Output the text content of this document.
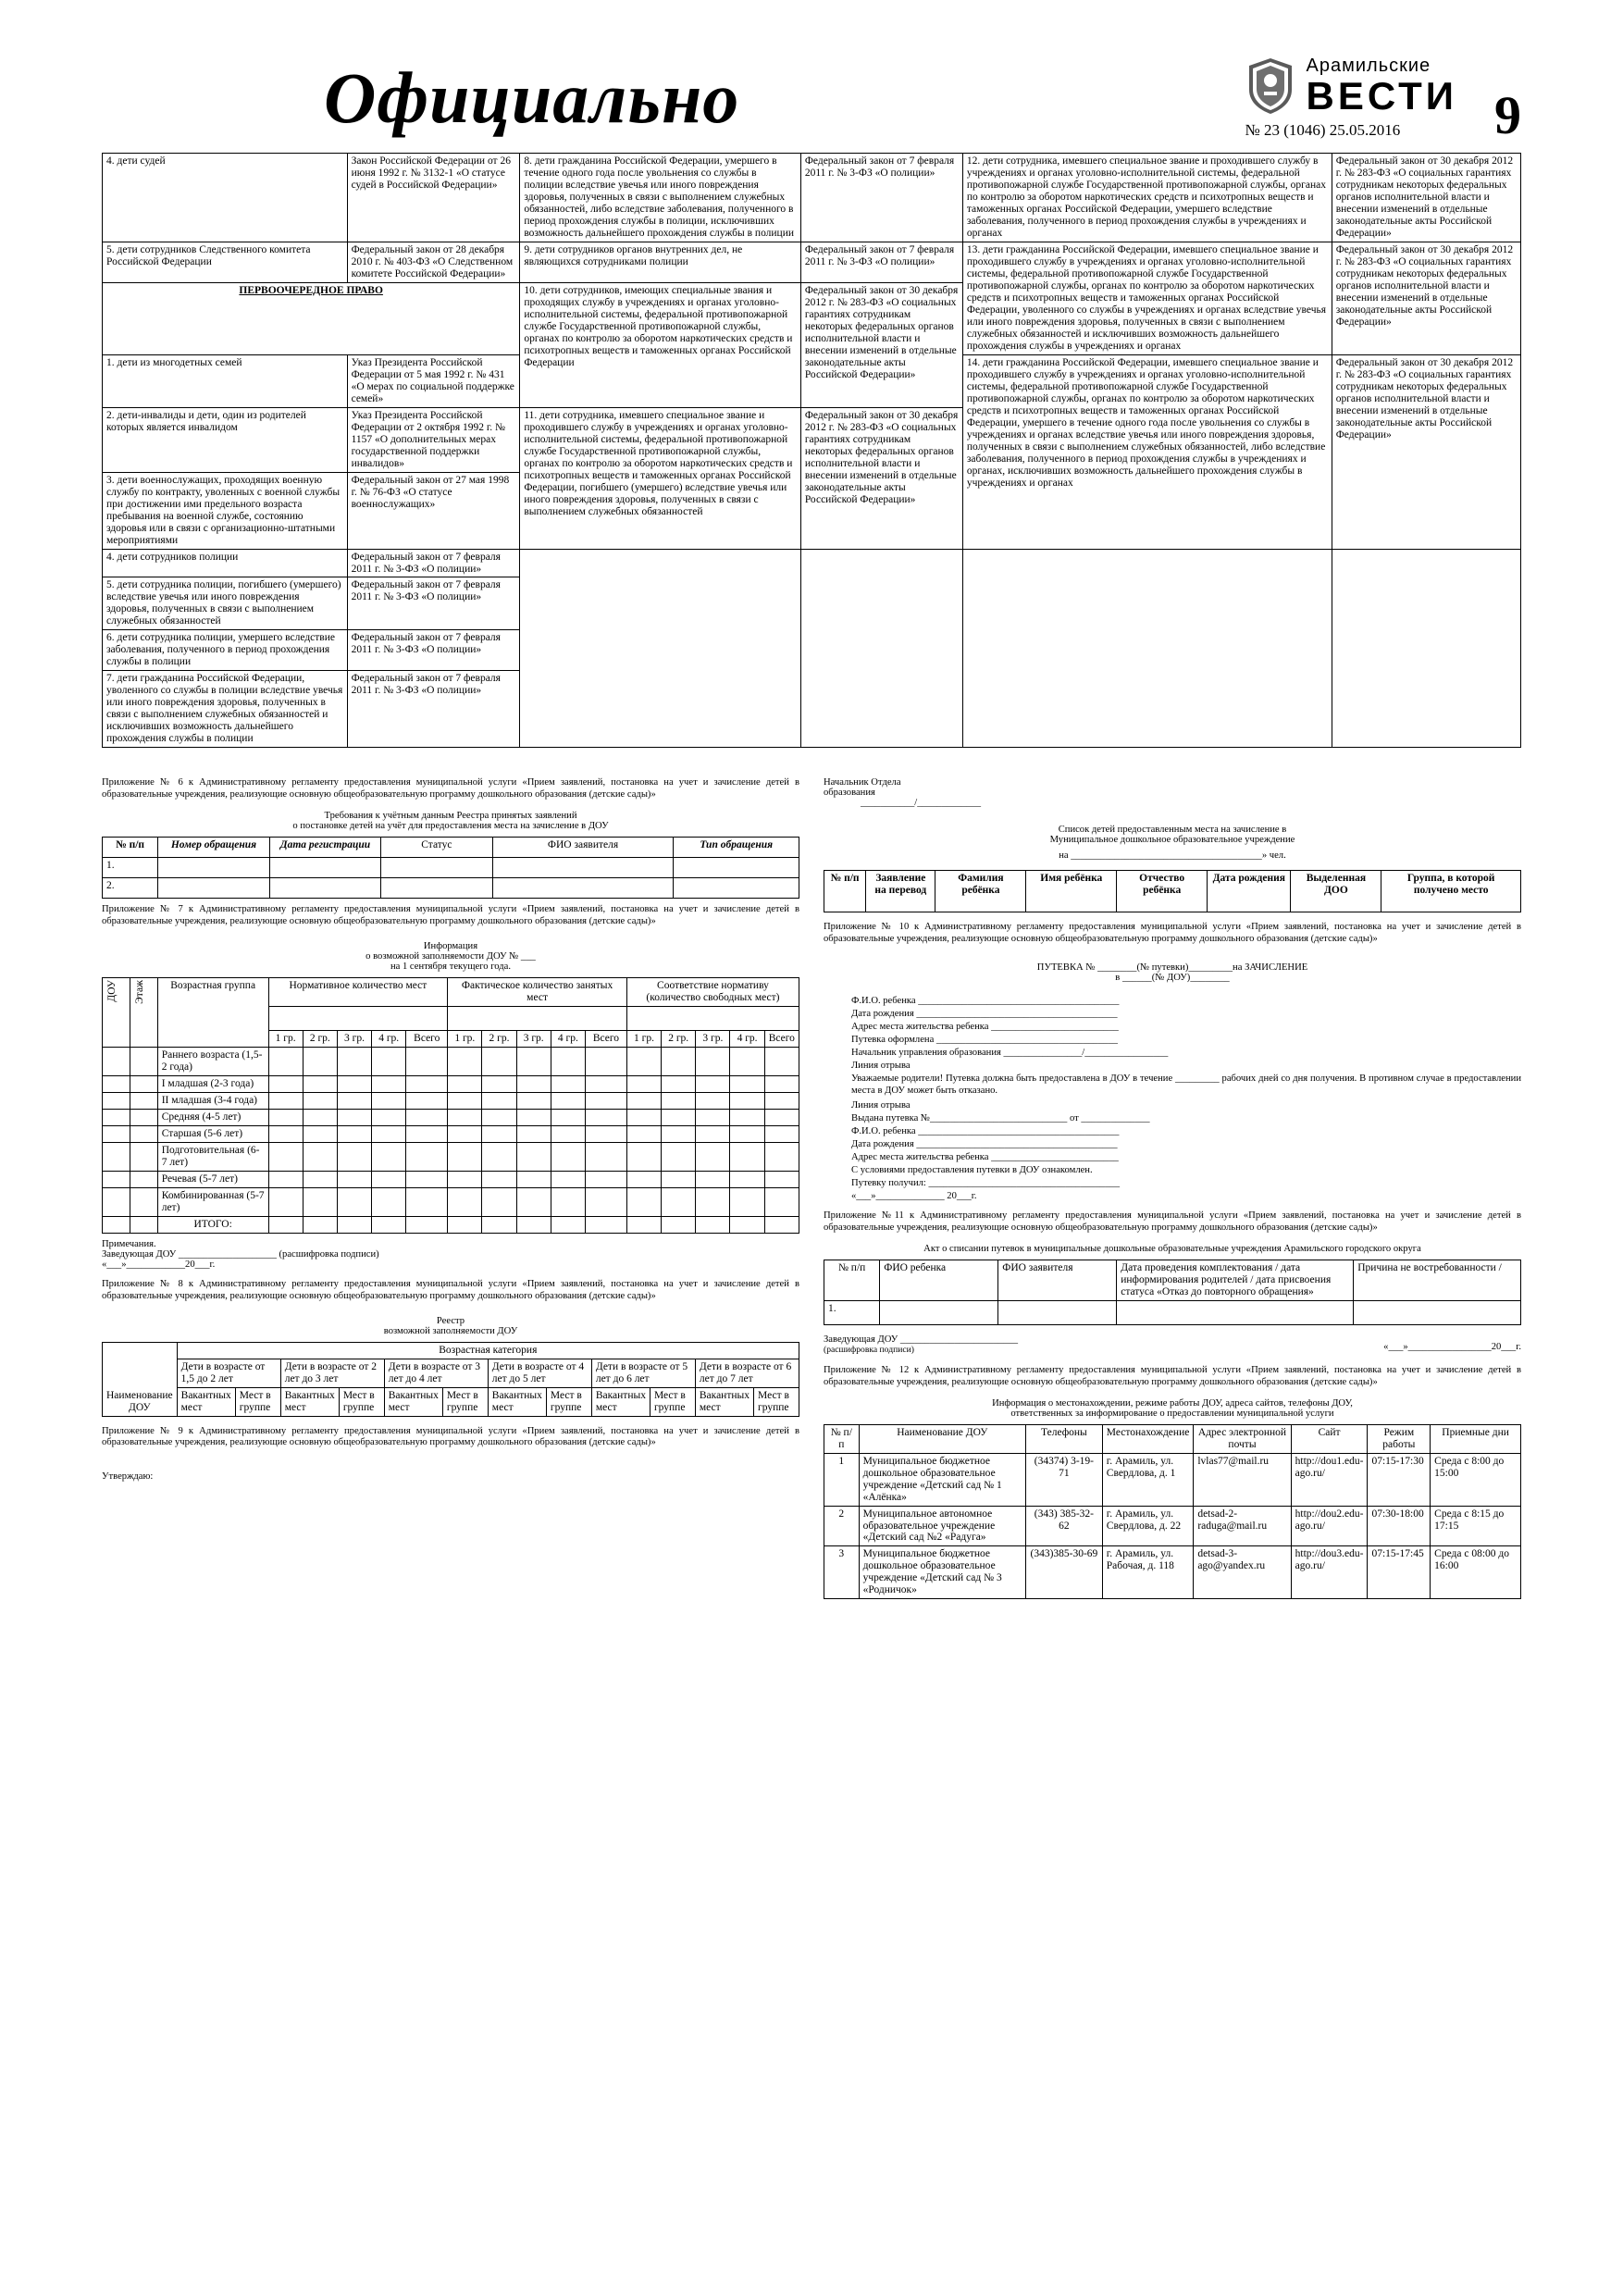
Официально	Арамильские
ВЕСТИ
№ 23 (1046) 25.05.2016 9
4. дети судей	Закон Российской Федерации от 26 июня 1992 г. № 3132-1 «О статусе судей в Российской Федерации»	8. дети гражданина Российской Федерации, умершего в течение одного года после увольнения со службы в полиции вследствие увечья или иного повреждения здоровья, полученных в связи с выполнением служебных обязанностей, либо вследствие заболевания, полученного в период прохождения службы в полиции, исключивших возможность дальнейшего прохождения службы в полиции	Федеральный закон от 7 февраля 2011 г. № 3-ФЗ «О полиции»	12. дети сотрудника, имевшего специальное звание и проходившего службу в учреждениях и органах уголовно-исполнительной системы, федеральной противопожарной службе Государственной противопожарной службы, органах по контролю за оборотом наркотических средств и психотропных веществ и таможенных органах Российской Федерации, умершего вследствие заболевания, полученного в период прохождения службы в учреждениях и органах	Федеральный закон от 30 декабря 2012 г. № 283-ФЗ «О социальных гарантиях сотрудникам некоторых федеральных органов исполнительной власти и внесении изменений в отдельные законодательные акты Российской Федерации»
5. дети сотрудников Следственного комитета Российской Федерации	Федеральный закон от 28 декабря 2010 г. № 403-ФЗ «О Следственном комитете Российской Федерации»	9. дети сотрудников органов внутренних дел, не являющихся сотрудниками полиции	Федеральный закон от 7 февраля 2011 г. № 3-ФЗ «О полиции»	13. дети гражданина Российской Федерации, имевшего специальное звание и проходившего службу в учреждениях и органах уголовно-исполнительной системы, федеральной противопожарной службе Государственной противопожарной службы, органах по контролю за оборотом наркотических средств и психотропных веществ и таможенных органах Российской Федерации, уволенного со службы в учреждениях и органах вследствие увечья или иного повреждения здоровья, полученных в связи с выполнением служебных обязанностей и исключивших возможность дальнейшего прохождения службы в учреждениях и органах	Федеральный закон от 30 декабря 2012 г. № 283-ФЗ «О социальных гарантиях сотрудникам некоторых федеральных органов исполнительной власти и внесении изменений в отдельные законодательные акты Российской Федерации»
ПЕРВООЧЕРЕДНОЕ ПРАВО	10. дети сотрудников, имеющих специальные звания и проходящих службу в учреждениях и органах уголовно-исполнительной системы, федеральной противопожарной службе Государственной противопожарной службы, органах по контролю за оборотом наркотических средств и психотропных веществ и таможенных органах Российской Федерации	Федеральный закон от 30 декабря 2012 г. № 283-ФЗ «О социальных гарантиях сотрудникам некоторых федеральных органов исполнительной власти и внесении изменений в отдельные законодательные акты Российской Федерации»
1. дети из многодетных семей	Указ Президента Российской Федерации от 5 мая 1992 г. № 431 «О мерах по социальной поддержке семей»	14. дети гражданина Российской Федерации, имевшего специальное звание и проходившего службу в учреждениях и органах уголовно-исполнительной системы, федеральной противопожарной службе Государственной противопожарной службы, органах по контролю за оборотом наркотических средств и психотропных веществ и таможенных органах Российской Федерации, умершего в течение одного года после увольнения со службы в учреждениях и органах вследствие увечья или иного повреждения здоровья, полученных в связи с выполнением служебных обязанностей, либо вследствие заболевания, полученного в период прохождения службы в учреждениях и органах, исключивших возможность дальнейшего прохождения службы в учреждениях и органах	Федеральный закон от 30 декабря 2012 г. № 283-ФЗ «О социальных гарантиях сотрудникам некоторых федеральных органов исполнительной власти и внесении изменений в отдельные законодательные акты Российской Федерации»
2. дети-инвалиды и дети, один из родителей которых является инвалидом	Указ Президента Российской Федерации от 2 октября 1992 г. № 1157 «О дополнительных мерах государственной поддержки инвалидов»	11. дети сотрудника, имевшего специальное звание и проходившего службу в учреждениях и органах уголовно-исполнительной системы, федеральной противопожарной службе Государственной противопожарной службы, органах по контролю за оборотом наркотических средств и психотропных веществ и таможенных органах Российской Федерации, погибшего (умершего) вследствие увечья или иного повреждения здоровья, полученных в связи с выполнением служебных обязанностей	Федеральный закон от 30 декабря 2012 г. № 283-ФЗ «О социальных гарантиях сотрудникам некоторых федеральных органов исполнительной власти и внесении изменений в отдельные законодательные акты Российской Федерации»
3. дети военнослужащих, проходящих военную службу по контракту, уволенных с военной службы при достижении ими предельного возраста пребывания на военной службе, состоянию здоровья или в связи с организационно-штатными мероприятиями	Федеральный закон от 27 мая 1998 г. № 76-ФЗ «О статусе военнослужащих»				
4. дети сотрудников полиции	Федеральный закон от 7 февраля 2011 г. № 3-ФЗ «О полиции»				
5. дети сотрудника полиции, погибшего (умершего) вследствие увечья или иного повреждения здоровья, полученных в связи с выполнением служебных обязанностей	Федеральный закон от 7 февраля 2011 г. № 3-ФЗ «О полиции»				
6. дети сотрудника полиции, умершего вследствие заболевания, полученного в период прохождения службы в полиции	Федеральный закон от 7 февраля 2011 г. № 3-ФЗ «О полиции»				
7. дети гражданина Российской Федерации, уволенного со службы в полиции вследствие увечья или иного повреждения здоровья, полученных в связи с выполнением служебных обязанностей и исключивших возможность дальнейшего прохождения службы в полиции	Федеральный закон от 7 февраля 2011 г. № 3-ФЗ «О полиции»				
Приложение № 6 к Административному регламенту предоставления муниципальной услуги «Прием заявлений, постановка на учет и зачисление детей в образовательные учреждения, реализующие основную общеобразовательную программу дошкольного образования (детские сады)»
Требования к учётным данным Реестра принятых заявлений
о постановке детей на учёт для предоставления места на зачисление в ДОУ
№ п/п	Номер обращения	Дата регистрации	Статус	ФИО заявителя	Тип обращения
1.					
2.					
Приложение № 7 к Административному регламенту предоставления муниципальной услуги «Прием заявлений, постановка на учет и зачисление детей в образовательные учреждения, реализующие основную общеобразовательную программу дошкольного образования (детские сады)»
Информация
о возможной заполняемости ДОУ № ___
на 1 сентября текущего года.
ДОУ	Этаж	Возрастная группа	Нормативное количество мест					Фактическое количество занятых мест					Соответствие нормативу (количество свободных мест)				

			1 гр.	2 гр.	3 гр.	4 гр.	Всего	1 гр.	2 гр.	3 гр.	4 гр.	Всего	1 гр.	2 гр.	3 гр.	4 гр.	Всего
		Раннего возраста (1,5-2 года)															
		I младшая (2-3 года)															
		II младшая (3-4 года)															
		Средняя (4-5 лет)															
		Старшая (5-6 лет)															
		Подготовительная (6-7 лет)															
		Речевая (5-7 лет)															
		Комбинированная (5-7 лет)															
		ИТОГО:															
Примечания.
Заведующая ДОУ ____________________ (расшифровка подписи)
«___»____________20___г.
Приложение № 8 к Административному регламенту предоставления муниципальной услуги «Прием заявлений, постановка на учет и зачисление детей в образовательные учреждения, реализующие основную общеобразовательную программу дошкольного образования (детские сады)»
Реестр
возможной заполняемости ДОУ
Наименование ДОУ	Возрастная категория											
	Дети в возрасте от 1,5 до 2 лет		Дети в возрасте от 2 лет до 3 лет		Дети в возрасте от 3 лет до 4 лет		Дети в возрасте от 4 лет до 5 лет		Дети в возрасте от 5 лет до 6 лет		Дети в возрасте от 6 лет до 7 лет	
	Вакантных мест	Мест в группе	Вакантных мест	Мест в группе	Вакантных мест	Мест в группе	Вакантных мест	Мест в группе	Вакантных мест	Мест в группе	Вакантных мест	Мест в группе
Приложение № 9 к Административному регламенту предоставления муниципальной услуги «Прием заявлений, постановка на учет и зачисление детей в образовательные учреждения, реализующие основную общеобразовательную программу дошкольного образования (детские сады)»
Утверждаю:
Начальник Отдела
образования
___________/_____________
Список детей предоставленным места на зачисление в
Муниципальное дошкольное образовательное учреждение
на _______________________________________» чел.
№ п/п	Заявление на перевод	Фамилия ребёнка	Имя ребёнка	Отчество ребёнка	Дата рождения	Выделенная ДОО	Группа, в которой получено место
Приложение № 10 к Административному регламенту предоставления муниципальной услуги «Прием заявлений, постановка на учет и зачисление детей в образовательные учреждения, реализующие основную общеобразовательную программу дошкольного образования (детские сады)»
ПУТЕВКА № ________(№ путевки)_________на ЗАЧИСЛЕНИЕ
в ______(№ ДОУ)________
Ф.И.О. ребенка _________________________________________
Дата рождения _________________________________________
Адрес места жительства ребенка __________________________
Путевка оформлена _____________________________________
Начальник управления образования ________________/_________________
Линия отрыва
Уважаемые родители! Путевка должна быть предоставлена в ДОУ в течение _________ рабочих дней со дня получения. В противном случае в предоставлении места в ДОУ может быть отказано.
Линия отрыва
Выдана путевка №____________________________ от ______________
Ф.И.О. ребенка _________________________________________
Дата рождения _________________________________________
Адрес места жительства ребенка __________________________
С условиями предоставления путевки в ДОУ ознакомлен.
Путевку получил: _______________________________________
«___»______________ 20___г.
Приложение №11 к Административному регламенту предоставления муниципальной услуги «Прием заявлений, постановка на учет и зачисление детей в образовательные учреждения, реализующие основную общеобразовательную программу дошкольного образования (детские сады)»
Акт о списании путевок в муниципальные дошкольные образовательные учреждения Арамильского городского округа
№ п/п	ФИО ребенка	ФИО заявителя	Дата проведения комплектования / дата информирования родителей / дата присвоения статуса «Отказ до повторного обращения»	Причина не востребованности /
1.				
Заведующая ДОУ ________________________
(расшифровка подписи)	«___»_________________20___г.
Приложение № 12 к Административному регламенту предоставления муниципальной услуги «Прием заявлений, постановка на учет и зачисление детей в образовательные учреждения, реализующие основную общеобразовательную программу дошкольного образования (детские сады)»
Информация о местонахождении, режиме работы ДОУ, адреса сайтов, телефоны ДОУ,
ответственных за информирование о предоставлении муниципальной услуги
№ п/п	Наименование ДОУ	Телефоны	Местонахождение	Адрес электронной почты	Сайт	Режим работы	Приемные дни
1	Муниципальное бюджетное дошкольное образовательное учреждение «Детский сад № 1 «Алёнка»	(34374) 3-19-71	г. Арамиль, ул. Свердлова, д. 1	lvlas77@mail.ru	http://dou1.edu-ago.ru/	07:15-17:30	Среда с 8:00 до 15:00
2	Муниципальное автономное образовательное учреждение «Детский сад №2 «Радуга»	(343) 385-32-62	г. Арамиль, ул. Свердлова, д. 22	detsad-2-raduga@mail.ru	http://dou2.edu-ago.ru/	07:30-18:00	Среда с 8:15 до 17:15
3	Муниципальное бюджетное дошкольное образовательное учреждение «Детский сад № 3 «Родничок»	(343)385-30-69	г. Арамиль, ул. Рабочая, д. 118	detsad-3-ago@yandex.ru	http://dou3.edu-ago.ru/	07:15-17:45	Среда с 08:00 до 16:00
